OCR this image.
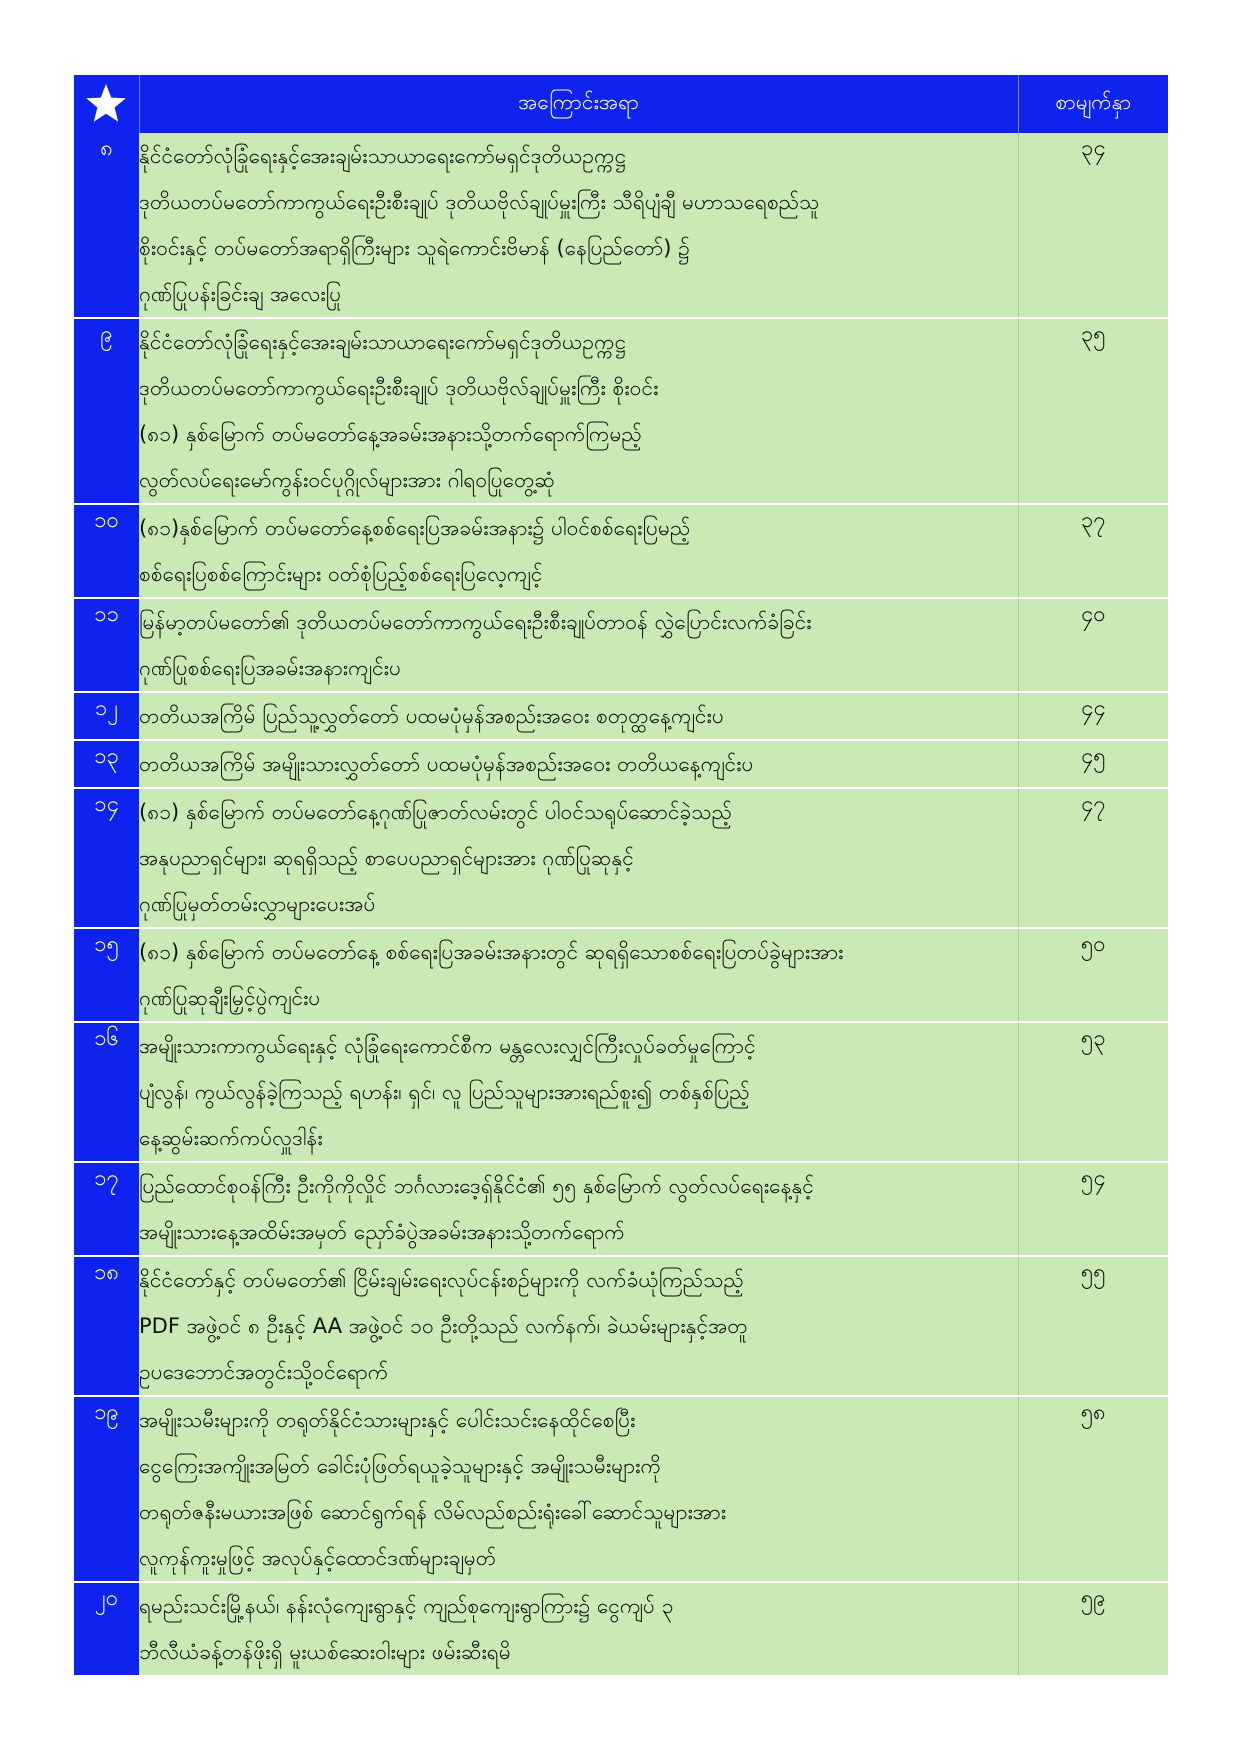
	အကြောင်းအရာ	စာမျက်နှာ
၈	နိုင်ငံတော်လုံခြုံရေးနှင့်အေးချမ်းသာယာရေးကော်မရှင်ဒုတိယဥက္ကဋ္ဌ
ဒုတိယတပ်မတော်ကာကွယ်ရေးဦးစီးချုပ် ဒုတိယဗိုလ်ချုပ်မှူးကြီး သီရိပျံချီ မဟာသရေစည်သူ
စိုးဝင်းနှင့် တပ်မတော်အရာရှိကြီးများ သူရဲကောင်းဗိမာန် (နေပြည်တော်) ၌
ဂုဏ်ပြုပန်းခြင်းချ အလေးပြု	၃၄
၉	နိုင်ငံတော်လုံခြုံရေးနှင့်အေးချမ်းသာယာရေးကော်မရှင်ဒုတိယဥက္ကဋ္ဌ
ဒုတိယတပ်မတော်ကာကွယ်ရေးဦးစီးချုပ် ဒုတိယဗိုလ်ချုပ်မှူးကြီး စိုးဝင်း
(၈၁) နှစ်မြောက် တပ်မတော်နေ့အခမ်းအနားသို့တက်ရောက်ကြမည့်
လွတ်လပ်ရေးမော်ကွန်းဝင်ပုဂ္ဂိုလ်များအား ဂါရဝပြုတွေ့ဆုံ	၃၅
၁၀	(၈၁)နှစ်မြောက် တပ်မတော်နေ့စစ်ရေးပြအခမ်းအနား၌ ပါဝင်စစ်ရေးပြမည့်
စစ်ရေးပြစစ်ကြောင်းများ ဝတ်စုံပြည့်စစ်ရေးပြလေ့ကျင့်	၃၇
၁၁	မြန်မာ့တပ်မတော်၏ ဒုတိယတပ်မတော်ကာကွယ်ရေးဦးစီးချုပ်တာဝန် လွှဲပြောင်းလက်ခံခြင်း
ဂုဏ်ပြုစစ်ရေးပြအခမ်းအနားကျင်းပ	၄၀
၁၂	တတိယအကြိမ် ပြည်သူ့လွှတ်တော် ပထမပုံမှန်အစည်းအဝေး စတုတ္ထနေ့ကျင်းပ	၄၄
၁၃	တတိယအကြိမ် အမျိုးသားလွှတ်တော် ပထမပုံမှန်အစည်းအဝေး တတိယနေ့ကျင်းပ	၄၅
၁၄	(၈၁) နှစ်မြောက် တပ်မတော်နေ့ဂုဏ်ပြုဇာတ်လမ်းတွင် ပါဝင်သရုပ်ဆောင်ခဲ့သည့်
အနုပညာရှင်များ၊ ဆုရရှိသည့် စာပေပညာရှင်များအား ဂုဏ်ပြုဆုနှင့်
ဂုဏ်ပြုမှတ်တမ်းလွှာများပေးအပ်	၄၇
၁၅	(၈၁) နှစ်မြောက် တပ်မတော်နေ့ စစ်ရေးပြအခမ်းအနားတွင် ဆုရရှိသောစစ်ရေးပြတပ်ခွဲများအား
ဂုဏ်ပြုဆုချီးမြှင့်ပွဲကျင်းပ	၅၀
၁၆	အမျိုးသားကာကွယ်ရေးနှင့် လုံခြုံရေးကောင်စီက မန္တလေးလျှင်ကြီးလှုပ်ခတ်မှုကြောင့်
ပျံလွန်၊ ကွယ်လွန်ခဲ့ကြသည့် ရဟန်း၊ ရှင်၊ လူ ပြည်သူများအားရည်စူး၍ တစ်နှစ်ပြည့်
နေ့ဆွမ်းဆက်ကပ်လှူဒါန်း	၅၃
၁၇	ပြည်ထောင်စုဝန်ကြီး ဦးကိုကိုလှိုင် ဘင်္ဂလားဒေ့ရှ်နိုင်ငံ၏ ၅၅ နှစ်မြောက် လွတ်လပ်ရေးနေ့နှင့်
အမျိုးသားနေ့အထိမ်းအမှတ် ညှော်ခံပွဲအခမ်းအနားသို့တက်ရောက်	၅၄
၁၈	နိုင်ငံတော်နှင့် တပ်မတော်၏ ငြိမ်းချမ်းရေးလုပ်ငန်းစဉ်များကို လက်ခံယုံကြည်သည့်
PDF အဖွဲ့ဝင် ၈ ဦးနှင့် AA အဖွဲ့ဝင် ၁၀ ဦးတို့သည် လက်နက်၊ ခဲယမ်းများနှင့်အတူ
ဥပဒေဘောင်အတွင်းသို့ဝင်ရောက်	၅၅
၁၉	အမျိုးသမီးများကို တရုတ်နိုင်ငံသားများနှင့် ပေါင်းသင်းနေထိုင်စေပြီး
ငွေကြေးအကျိုးအမြတ် ခေါင်းပုံဖြတ်ရယူခဲ့သူများနှင့် အမျိုးသမီးများကို
တရုတ်ဇနီးမယားအဖြစ် ဆောင်ရွက်ရန် လိမ်လည်စည်းရုံးခေါ်ဆောင်သူများအား
လူကုန်ကူးမှုဖြင့် အလုပ်နှင့်ထောင်ဒဏ်များချမှတ်	၅၈
၂၀	ရမည်းသင်းမြို့နယ်၊ နန်းလုံကျေးရွာနှင့် ကျည်စုကျေးရွာကြား၌ ငွေကျပ် ၃
ဘီလီယံခန့်တန်ဖိုးရှိ မူးယစ်ဆေးဝါးများ ဖမ်းဆီးရမိ	၅၉
